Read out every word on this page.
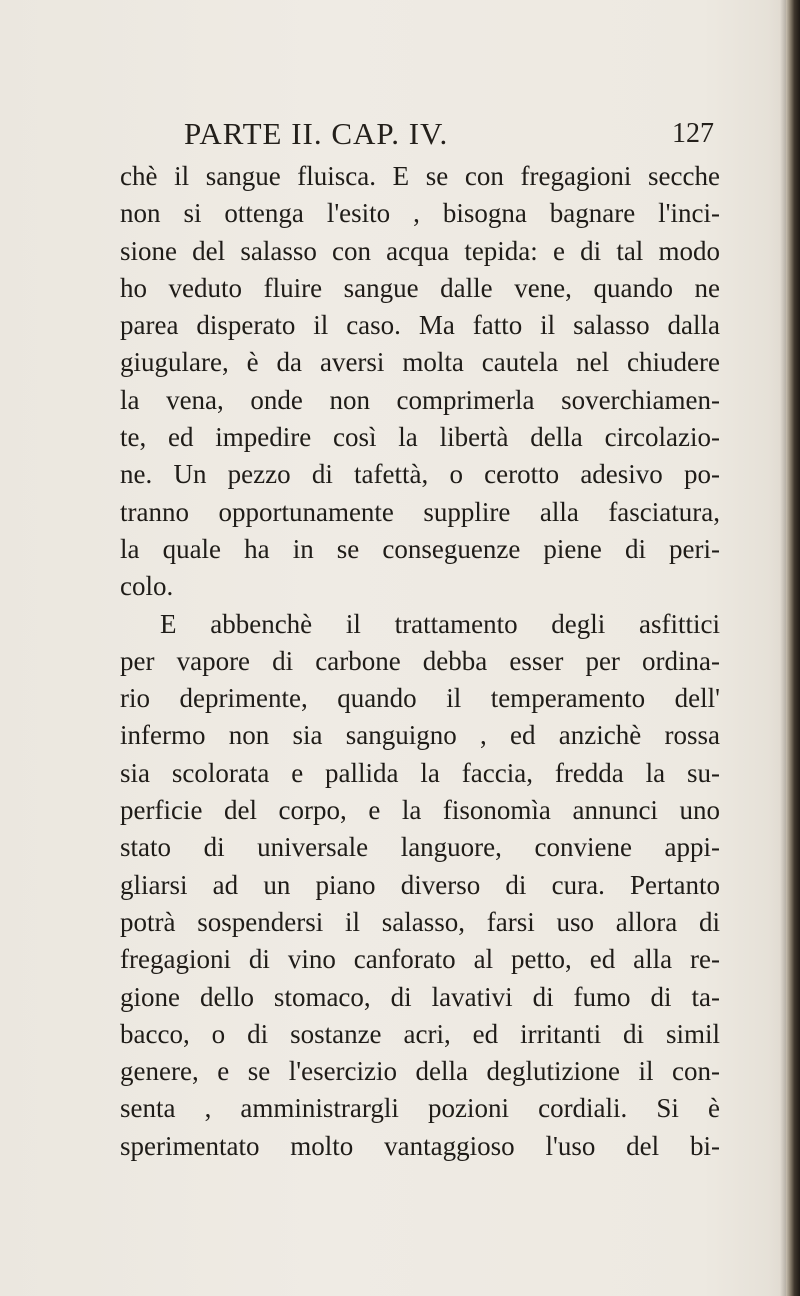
PARTE II. CAP. IV.	127
chè il sangue fluisca. E se con fregagioni secche
non si ottenga l'esito , bisogna bagnare l'inci-
sione del salasso con acqua tepida: e di tal modo
ho veduto fluire sangue dalle vene, quando ne
parea disperato il caso. Ma fatto il salasso dalla
giugulare, è da aversi molta cautela nel chiudere
la vena, onde non comprimerla soverchiamen-
te, ed impedire così la libertà della circolazio-
ne. Un pezzo di tafettà, o cerotto adesivo po-
tranno opportunamente supplire alla fasciatura,
la quale ha in se conseguenze piene di peri-
colo.
E abbenchè il trattamento degli asfittici
per vapore di carbone debba esser per ordina-
rio deprimente, quando il temperamento dell'
infermo non sia sanguigno , ed anzichè rossa
sia scolorata e pallida la faccia, fredda la su-
perficie del corpo, e la fisonomìa annunci uno
stato di universale languore, conviene appi-
gliarsi ad un piano diverso di cura. Pertanto
potrà sospendersi il salasso, farsi uso allora di
fregagioni di vino canforato al petto, ed alla re-
gione dello stomaco, di lavativi di fumo di ta-
bacco, o di sostanze acri, ed irritanti di simil
genere, e se l'esercizio della deglutizione il con-
senta , amministrargli pozioni cordiali. Si è
sperimentato molto vantaggioso l'uso del bi-
